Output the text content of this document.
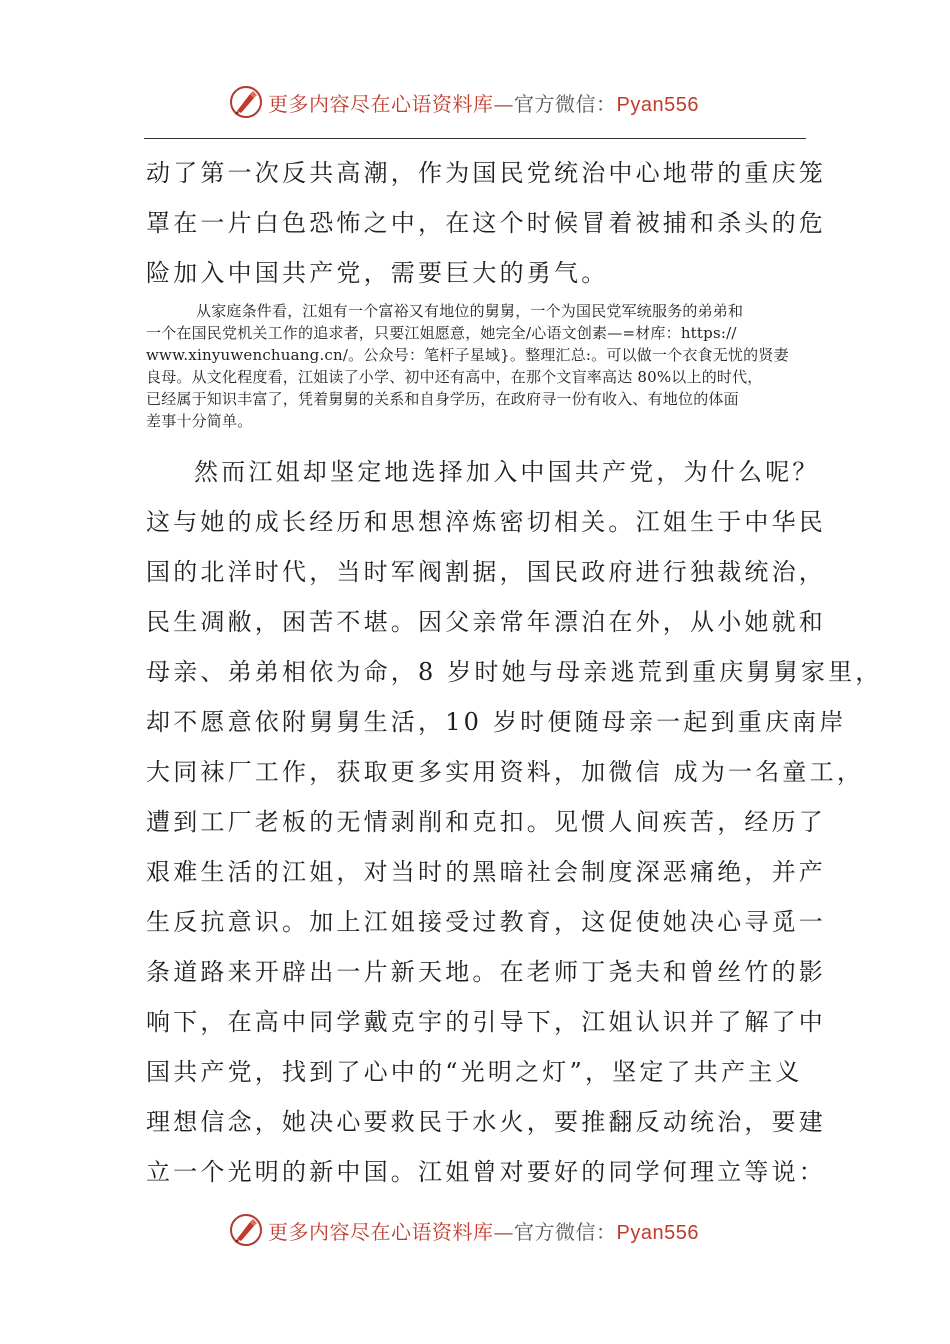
更多内容尽在心语资料库—官方微信：Pyan556
动了第一次反共高潮，作为国民党统治中心地带的重庆笼
罩在一片白色恐怖之中，在这个时候冒着被捕和杀头的危
险加入中国共产党，需要巨大的勇气。
从家庭条件看，江姐有一个富裕又有地位的舅舅，一个为国民党军统服务的弟弟和
一个在国民党机关工作的追求者，只要江姐愿意，她完全/心语文创素—=材库：https://
www.xinyuwenchuang.cn/。公众号：笔杆子星域}。整理汇总:。可以做一个衣食无忧的贤妻
良母。从文化程度看，江姐读了小学、初中还有高中，在那个文盲率高达 80%以上的时代，
已经属于知识丰富了，凭着舅舅的关系和自身学历，在政府寻一份有收入、有地位的体面
差事十分简单。
然而江姐却坚定地选择加入中国共产党，为什么呢？
这与她的成长经历和思想淬炼密切相关。江姐生于中华民
国的北洋时代，当时军阀割据，国民政府进行独裁统治，
民生凋敝，困苦不堪。因父亲常年漂泊在外，从小她就和
母亲、弟弟相依为命，8 岁时她与母亲逃荒到重庆舅舅家里，
却不愿意依附舅舅生活，10 岁时便随母亲一起到重庆南岸
大同袜厂工作，获取更多实用资料，加微信 成为一名童工，
遭到工厂老板的无情剥削和克扣。见惯人间疾苦，经历了
艰难生活的江姐，对当时的黑暗社会制度深恶痛绝，并产
生反抗意识。加上江姐接受过教育，这促使她决心寻觅一
条道路来开辟出一片新天地。在老师丁尧夫和曾丝竹的影
响下，在高中同学戴克宇的引导下，江姐认识并了解了中
国共产党，找到了心中的“光明之灯”，坚定了共产主义
理想信念，她决心要救民于水火，要推翻反动统治，要建
立一个光明的新中国。江姐曾对要好的同学何理立等说：
更多内容尽在心语资料库—官方微信：Pyan556
